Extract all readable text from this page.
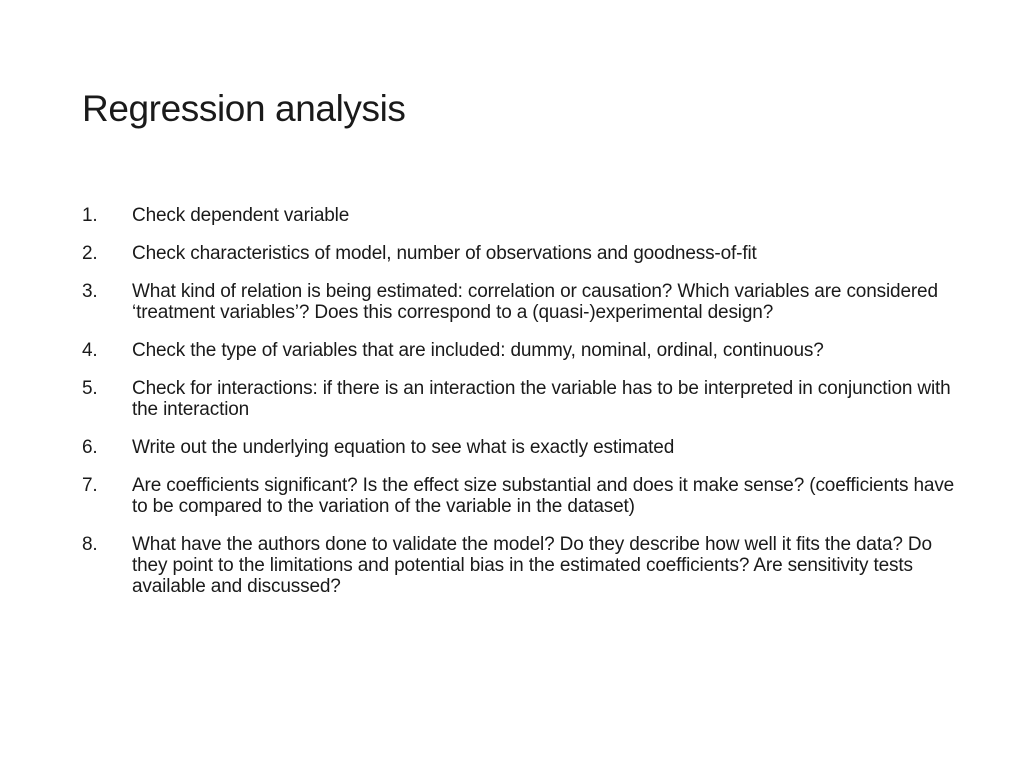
Regression analysis
1. Check dependent variable
2. Check characteristics of model, number of observations and goodness-of-fit
3. What kind of relation is being estimated: correlation or causation? Which variables are considered ‘treatment variables’? Does this correspond to a (quasi-)experimental design?
4. Check the type of variables that are included: dummy, nominal, ordinal, continuous?
5. Check for interactions: if there is an interaction the variable has to be interpreted in conjunction with the interaction
6. Write out the underlying equation to see what is exactly estimated
7. Are coefficients significant? Is the effect size substantial and does it make sense? (coefficients have to be compared to the variation of the variable in the dataset)
8. What have the authors done to validate the model? Do they describe how well it fits the data? Do they point to the limitations and potential bias in the estimated coefficients? Are sensitivity tests available and discussed?
